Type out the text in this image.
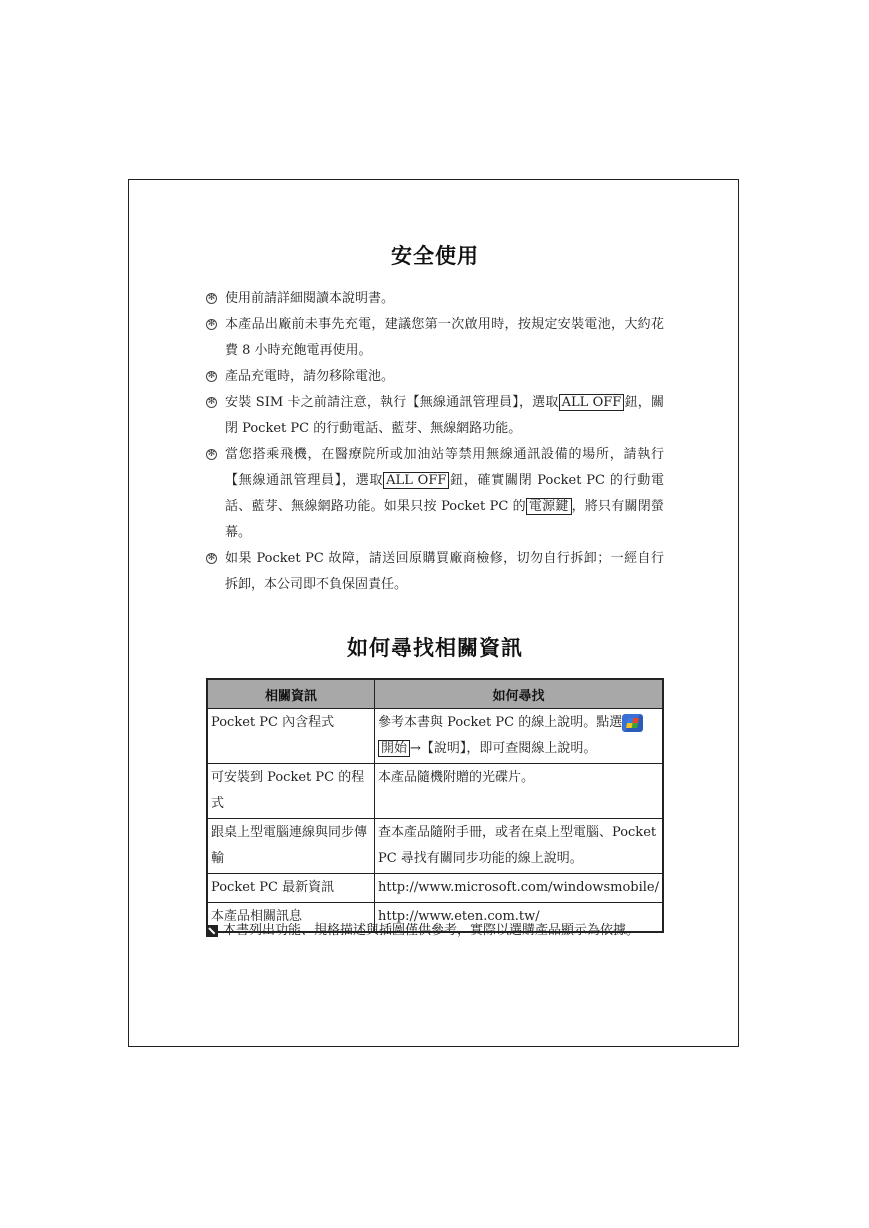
安全使用
✻ 使用前請詳細閱讀本說明書。
✻ 本產品出廠前未事先充電，建議您第一次啟用時，按規定安裝電池，大約花費 8 小時充飽電再使用。
✻ 產品充電時，請勿移除電池。
✻ 安裝 SIM 卡之前請注意，執行【無線通訊管理員】，選取 ALL OFF 鈕，關閉 Pocket PC 的行動電話、藍芽、無線網路功能。
✻ 當您搭乘飛機，在醫療院所或加油站等禁用無線通訊設備的場所，請執行【無線通訊管理員】，選取 ALL OFF 鈕，確實關閉 Pocket PC 的行動電話、藍芽、無線網路功能。如果只按 Pocket PC 的 電源鍵 ，將只有關閉螢幕。
✻ 如果 Pocket PC 故障，請送回原購買廠商檢修，切勿自行拆卸；一經自行拆卸，本公司即不負保固責任。
如何尋找相關資訊
相關資訊	如何尋找
Pocket PC 內含程式	參考本書與 Pocket PC 的線上說明。點選開始 →【說明】，即可查閱線上說明。
可安裝到 Pocket PC 的程式	本產品隨機附贈的光碟片。
跟桌上型電腦連線與同步傳輸	查本產品隨附手冊，或者在桌上型電腦、Pocket PC 尋找有關同步功能的線上說明。
Pocket PC 最新資訊	http://www.microsoft.com/windowsmobile/
本產品相關訊息	http://www.eten.com.tw/
本書列出功能、規格描述與插圖僅供參考，實際以選購產品顯示為依據。
